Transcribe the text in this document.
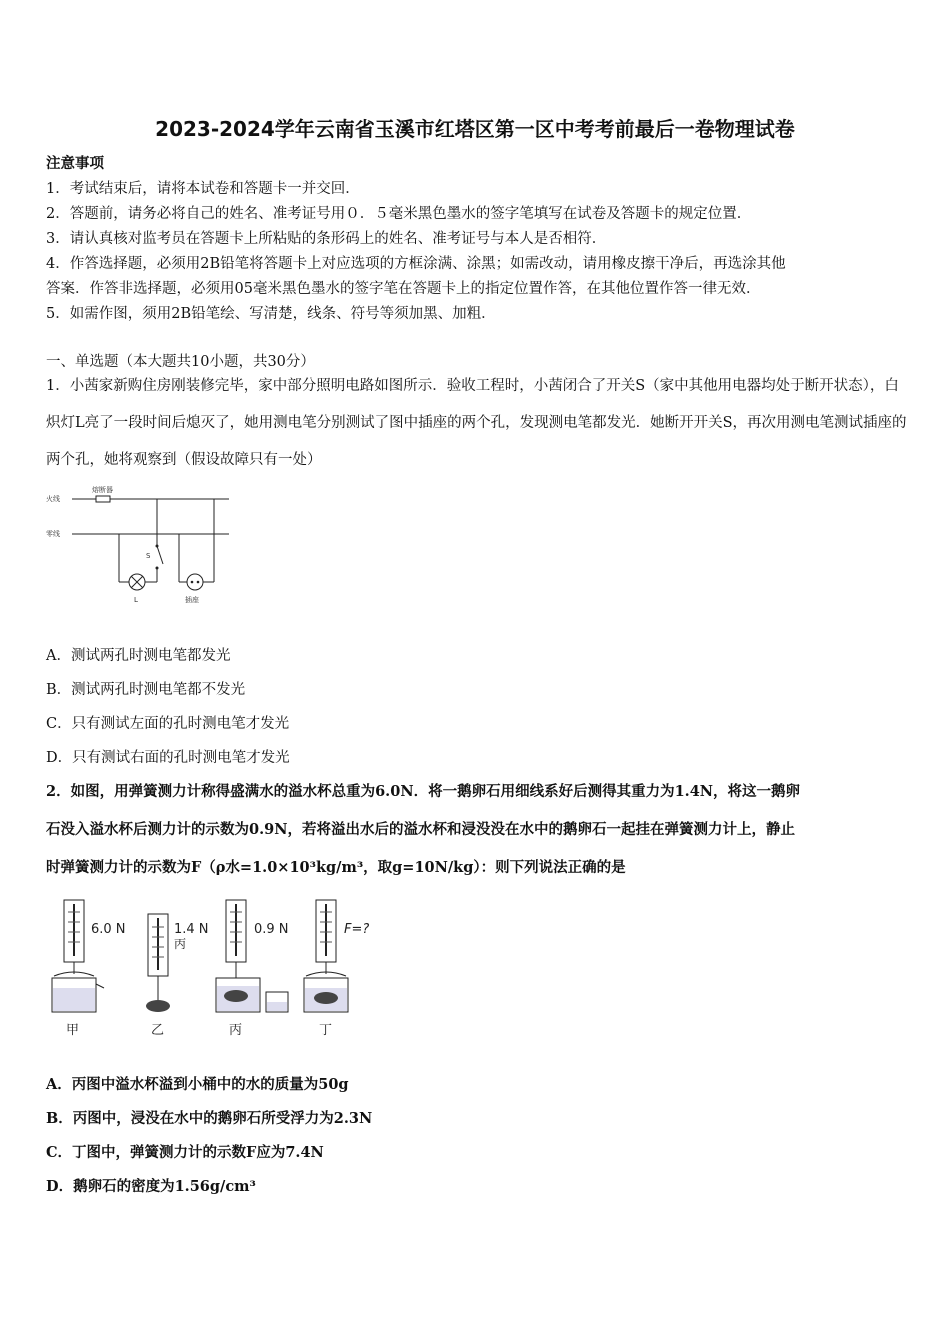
2023-2024学年云南省玉溪市红塔区第一区中考考前最后一卷物理试卷
注意事项
1．考试结束后，请将本试卷和答题卡一并交回．
2．答题前，请务必将自己的姓名、准考证号用０．５毫米黑色墨水的签字笔填写在试卷及答题卡的规定位置．
3．请认真核对监考员在答题卡上所粘贴的条形码上的姓名、准考证号与本人是否相符．
4．作答选择题，必须用2B铅笔将答题卡上对应选项的方框涂满、涂黑；如需改动，请用橡皮擦干净后，再选涂其他
答案．作答非选择题，必须用05毫米黑色墨水的签字笔在答题卡上的指定位置作答，在其他位置作答一律无效．
5．如需作图，须用2B铅笔绘、写清楚，线条、符号等须加黑、加粗．
一、单选题（本大题共10小题，共30分）
1．小茜家新购住房刚装修完毕，家中部分照明电路如图所示．验收工程时，小茜闭合了开关S（家中其他用电器均处于断开状态），白炽灯L亮了一段时间后熄灭了，她用测电笔分别测试了图中插座的两个孔，发现测电笔都发光．她断开开关S，再次用测电笔测试插座的两个孔，她将观察到（假设故障只有一处）
火线
零线
熔断器
S
L	插座
A．测试两孔时测电笔都发光
B．测试两孔时测电笔都不发光
C．只有测试左面的孔时测电笔才发光
D．只有测试右面的孔时测电笔才发光
2．如图，用弹簧测力计称得盛满水的溢水杯总重为6.0N．将一鹅卵石用细线系好后测得其重力为1.4N，将这一鹅卵
石没入溢水杯后测力计的示数为0.9N，若将溢出水后的溢水杯和浸没没在水中的鹅卵石一起挂在弹簧测力计上，静止
时弹簧测力计的示数为F（ρ水=1.0×10³kg/m³，取g=10N/kg）：则下列说法正确的是
6.0 N	1.4 N
丙
0.9 N	F=?
甲	乙	丙	丁
A．丙图中溢水杯溢到小桶中的水的质量为50g
B．丙图中，浸没在水中的鹅卵石所受浮力为2.3N
C．丁图中，弹簧测力计的示数F应为7.4N
D．鹅卵石的密度为1.56g/cm³
